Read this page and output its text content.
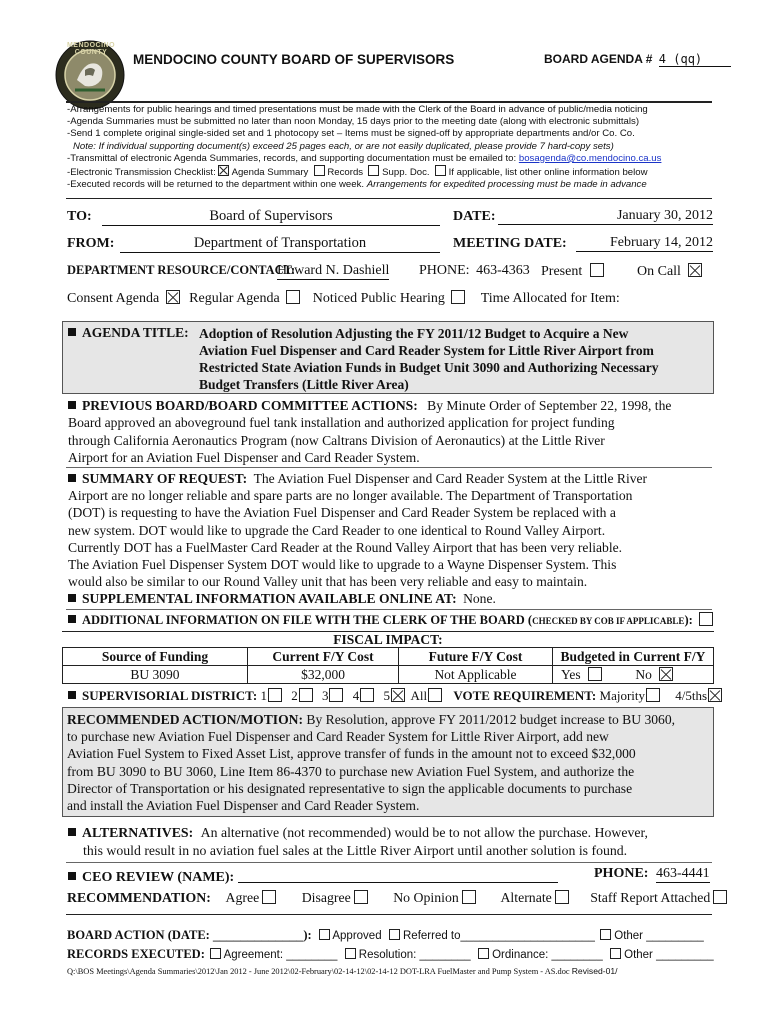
MENDOCINO COUNTY	MENDOCINO COUNTY BOARD OF SUPERVISORS	BOARD AGENDA # 4 (qq)
-Arrangements for public hearings and timed presentations must be made with the Clerk of the Board in advance of public/media noticing
-Agenda Summaries must be submitted no later than noon Monday, 15 days prior to the meeting date (along with electronic submittals)
-Send 1 complete original single-sided set and 1 photocopy set – Items must be signed-off by appropriate departments and/or Co. Co.
Note: If individual supporting document(s) exceed 25 pages each, or are not easily duplicated, please provide 7 hard-copy sets)
-Transmittal of electronic Agenda Summaries, records, and supporting documentation must be emailed to: bosagenda@co.mendocino.ca.us
-Electronic Transmission Checklist: Agenda Summary Records Supp. Doc. If applicable, list other online information below
-Executed records will be returned to the department within one week. Arrangements for expedited processing must be made in advance
TO:	Board of Supervisors	DATE:	January 30, 2012
FROM:	Department of Transportation	MEETING DATE:	February 14, 2012
DEPARTMENT RESOURCE/CONTACT:
Howard N. Dashiell PHONE: 463-4363 Present	On Call
Consent Agenda Regular Agenda Noticed Public Hearing	Time Allocated for Item:
AGENDA TITLE: Adoption of Resolution Adjusting the FY 2011/12 Budget to Acquire a New
Aviation Fuel Dispenser and Card Reader System for Little River Airport from
Restricted State Aviation Funds in Budget Unit 3090 and Authorizing Necessary
Budget Transfers (Little River Area)
PREVIOUS BOARD/BOARD COMMITTEE ACTIONS: By Minute Order of September 22, 1998, the
Board approved an aboveground fuel tank installation and authorized application for project funding
through California Aeronautics Program (now Caltrans Division of Aeronautics) at the Little River
Airport for an Aviation Fuel Dispenser and Card Reader System.
SUMMARY OF REQUEST: The Aviation Fuel Dispenser and Card Reader System at the Little River
Airport are no longer reliable and spare parts are no longer available. The Department of Transportation
(DOT) is requesting to have the Aviation Fuel Dispenser and Card Reader System be replaced with a
new system. DOT would like to upgrade the Card Reader to one identical to Round Valley Airport.
Currently DOT has a FuelMaster Card Reader at the Round Valley Airport that has been very reliable.
The Aviation Fuel Dispenser System DOT would like to upgrade to a Wayne Dispenser System. This
would also be similar to our Round Valley unit that has been very reliable and easy to maintain.
SUPPLEMENTAL INFORMATION AVAILABLE ONLINE AT: None.
ADDITIONAL INFORMATION ON FILE WITH THE CLERK OF THE BOARD (CHECKED BY COB IF APPLICABLE):
FISCAL IMPACT:
Source of Funding	Current F/Y Cost	Future F/Y Cost	Budgeted in Current F/Y
BU 3090	$32,000	Not Applicable	Yes No
SUPERVISORIAL DISTRICT: 1 2 3 4 5 All VOTE REQUIREMENT: Majority 4/5ths
RECOMMENDED ACTION/MOTION: By Resolution, approve FY 2011/2012 budget increase to BU 3060,
to purchase new Aviation Fuel Dispenser and Card Reader System for Little River Airport, add new
Aviation Fuel System to Fixed Asset List, approve transfer of funds in the amount not to exceed $32,000
from BU 3090 to BU 3060, Line Item 86-4370 to purchase new Aviation Fuel System, and authorize the
Director of Transportation or his designated representative to sign the applicable documents to purchase
and install the Aviation Fuel Dispenser and Card Reader System.
ALTERNATIVES: An alternative (not recommended) would be to not allow the purchase. However,
this would result in no aviation fuel sales at the Little River Airport until another solution is found.
CEO REVIEW (NAME):	PHONE: 463-4441
RECOMMENDATION: Agree	Disagree	No Opinion	Alternate	Staff Report Attached
BOARD ACTION (DATE: _____________): Approved Referred to_____________________ Other _________
RECORDS EXECUTED: Agreement: ________ Resolution: ________ Ordinance: ________ Other _________
Q:\BOS Meetings\Agenda Summaries\2012\Jan 2012 - June 2012\02-February\02-14-12\02-14-12 DOT-LRA FuelMaster and Pump System - AS.doc Revised-01/
